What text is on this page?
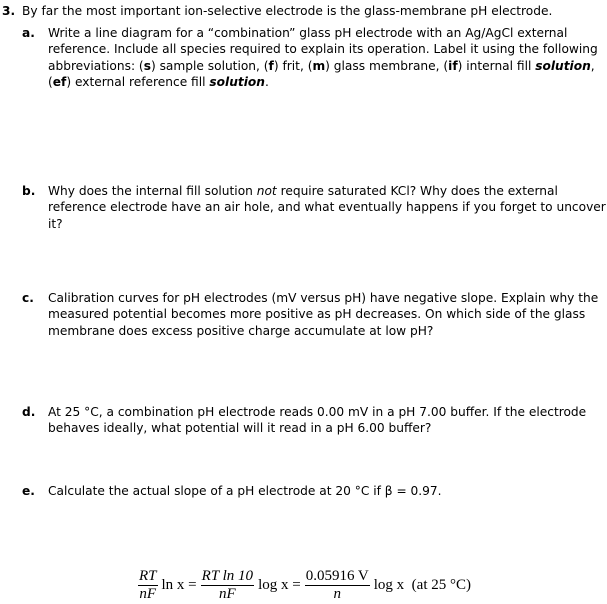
3. By far the most important ion-selective electrode is the glass-membrane pH electrode.
a. Write a line diagram for a “combination” glass pH electrode with an Ag/AgCl external reference. Include all species required to explain its operation. Label it using the following abbreviations: (s) sample solution, (f) frit, (m) glass membrane, (if) internal fill solution, (ef) external reference fill solution.
b. Why does the internal fill solution not require saturated KCl? Why does the external reference electrode have an air hole, and what eventually happens if you forget to uncover it?
c. Calibration curves for pH electrodes (mV versus pH) have negative slope. Explain why the measured potential becomes more positive as pH decreases. On which side of the glass membrane does excess positive charge accumulate at low pH?
d. At 25 °C, a combination pH electrode reads 0.00 mV in a pH 7.00 buffer. If the electrode behaves ideally, what potential will it read in a pH 6.00 buffer?
e. Calculate the actual slope of a pH electrode at 20 °C if β = 0.97.
$\frac{RT}{nF}$ $\ln x = \frac{\text{RT ln 10}}{nF}$ $\log x = \frac{0.05916 V}{n}$ log x  (at 25 °C)
